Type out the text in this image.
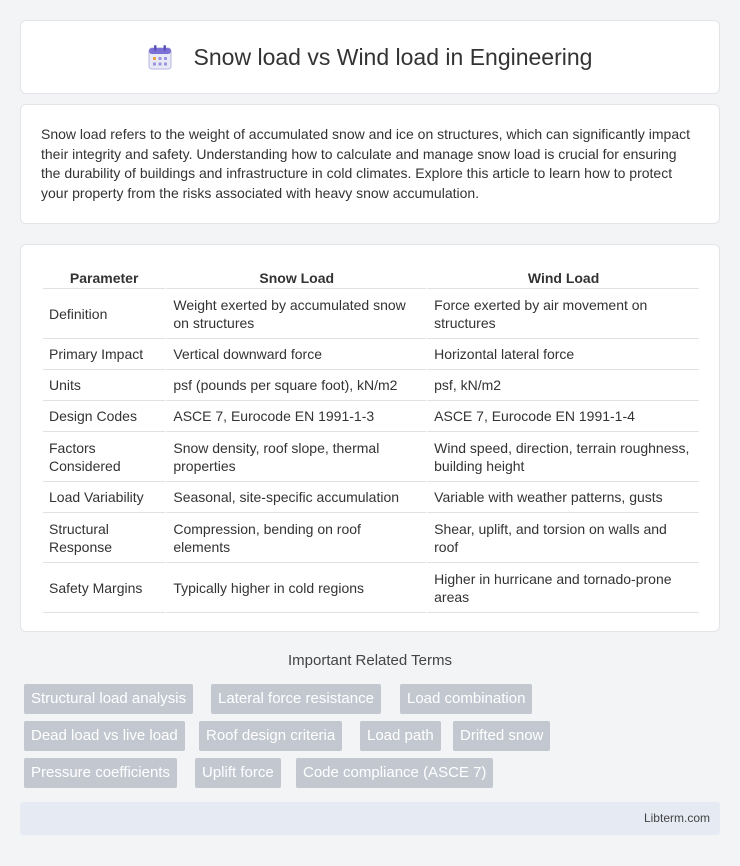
Snow load vs Wind load in Engineering

Snow load refers to the weight of accumulated snow and ice on structures, which can significantly impact their integrity and safety. Understanding how to calculate and manage snow load is crucial for ensuring the durability of buildings and infrastructure in cold climates. Explore this article to learn how to protect your property from the risks associated with heavy snow accumulation.

Parameter	Snow Load	Wind Load
Definition	Weight exerted by accumulated snow on structures	Force exerted by air movement on structures
Primary Impact	Vertical downward force	Horizontal lateral force
Units	psf (pounds per square foot), kN/m2	psf, kN/m2
Design Codes	ASCE 7, Eurocode EN 1991-1-3	ASCE 7, Eurocode EN 1991-1-4
Factors Considered	Snow density, roof slope, thermal properties	Wind speed, direction, terrain roughness, building height
Load Variability	Seasonal, site-specific accumulation	Variable with weather patterns, gusts
Structural Response	Compression, bending on roof elements	Shear, uplift, and torsion on walls and roof
Safety Margins	Typically higher in cold regions	Higher in hurricane and tornado-prone areas
Important Related Terms
Structural load analysis	Lateral force resistance	Load combination
Dead load vs live load	Roof design criteria	Load path	Drifted snow
Pressure coefficients	Uplift force	Code compliance (ASCE 7)
Libterm.com
